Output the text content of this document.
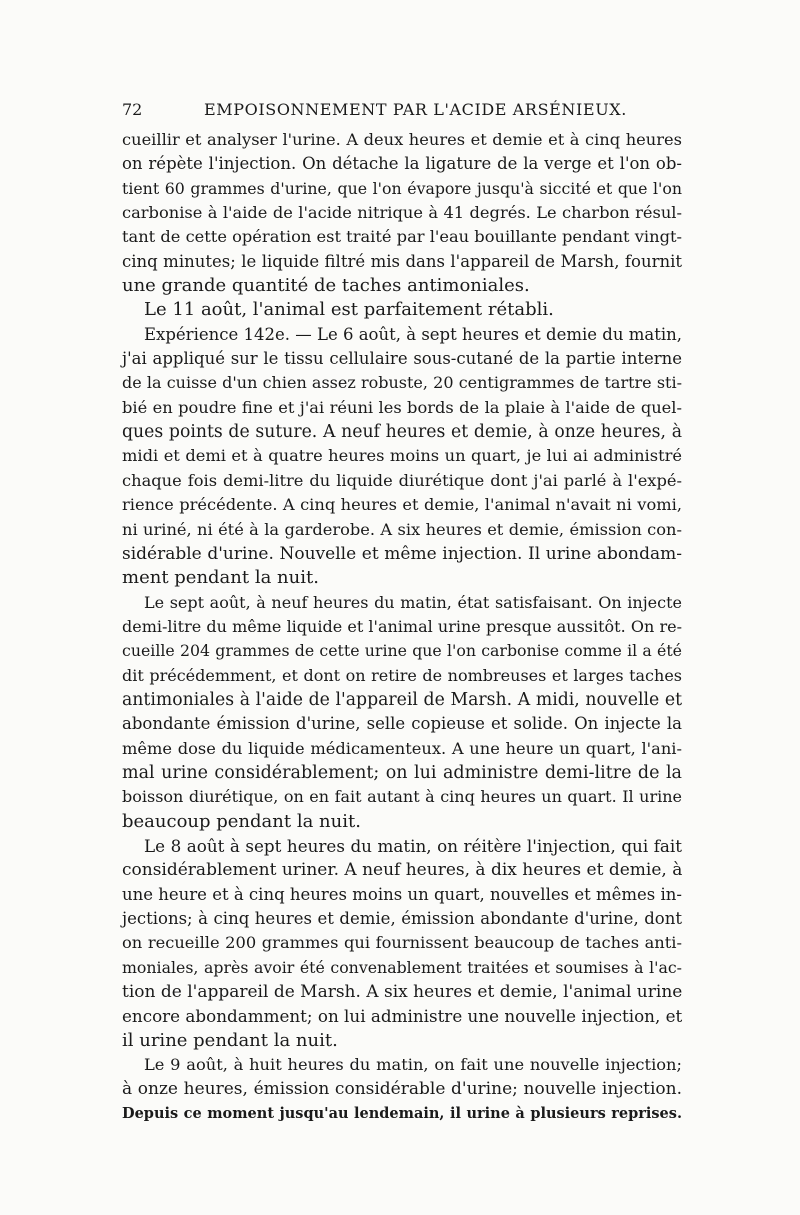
72	EMPOISONNEMENT PAR L'ACIDE ARSÉNIEUX.
cueillir et analyser l'urine. A deux heures et demie et à cinq heures
on répète l'injection. On détache la ligature de la verge et l'on ob-
tient 60 grammes d'urine, que l'on évapore jusqu'à siccité et que l'on
carbonise à l'aide de l'acide nitrique à 41 degrés. Le charbon résul-
tant de cette opération est traité par l'eau bouillante pendant vingt-
cinq minutes; le liquide filtré mis dans l'appareil de Marsh, fournit
une grande quantité de taches antimoniales.
Le 11 août, l'animal est parfaitement rétabli.
Expérience 142e. — Le 6 août, à sept heures et demie du matin,
j'ai appliqué sur le tissu cellulaire sous-cutané de la partie interne
de la cuisse d'un chien assez robuste, 20 centigrammes de tartre sti-
bié en poudre fine et j'ai réuni les bords de la plaie à l'aide de quel-
ques points de suture. A neuf heures et demie, à onze heures, à
midi et demi et à quatre heures moins un quart, je lui ai administré
chaque fois demi-litre du liquide diurétique dont j'ai parlé à l'expé-
rience précédente. A cinq heures et demie, l'animal n'avait ni vomi,
ni uriné, ni été à la garderobe. A six heures et demie, émission con-
sidérable d'urine. Nouvelle et même injection. Il urine abondam-
ment pendant la nuit.
Le sept août, à neuf heures du matin, état satisfaisant. On injecte
demi-litre du même liquide et l'animal urine presque aussitôt. On re-
cueille 204 grammes de cette urine que l'on carbonise comme il a été
dit précédemment, et dont on retire de nombreuses et larges taches
antimoniales à l'aide de l'appareil de Marsh. A midi, nouvelle et
abondante émission d'urine, selle copieuse et solide. On injecte la
même dose du liquide médicamenteux. A une heure un quart, l'ani-
mal urine considérablement; on lui administre demi-litre de la
boisson diurétique, on en fait autant à cinq heures un quart. Il urine
beaucoup pendant la nuit.
Le 8 août à sept heures du matin, on réitère l'injection, qui fait
considérablement uriner. A neuf heures, à dix heures et demie, à
une heure et à cinq heures moins un quart, nouvelles et mêmes in-
jections; à cinq heures et demie, émission abondante d'urine, dont
on recueille 200 grammes qui fournissent beaucoup de taches anti-
moniales, après avoir été convenablement traitées et soumises à l'ac-
tion de l'appareil de Marsh. A six heures et demie, l'animal urine
encore abondamment; on lui administre une nouvelle injection, et
il urine pendant la nuit.
Le 9 août, à huit heures du matin, on fait une nouvelle injection;
à onze heures, émission considérable d'urine; nouvelle injection.
Depuis ce moment jusqu'au lendemain, il urine à plusieurs reprises.
